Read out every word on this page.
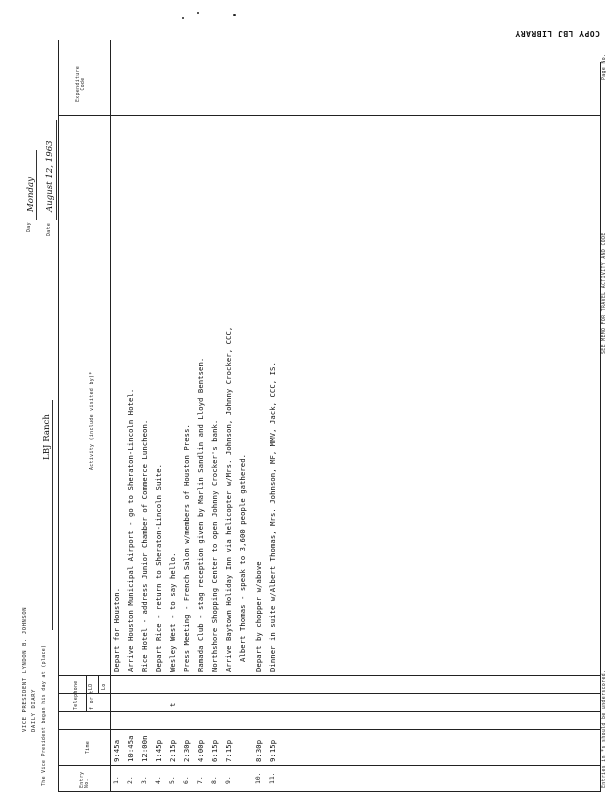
COPY LBJ LIBRARY
VICE PRESIDENT LYNDON B. JOHNSON DAILY DIARY The Vice President began his day at (place)
LBJ Ranch
Day
Monday
Date
August 12, 1963
Entry No.
Time
f or t
Telephone	Lo
LD
Activity (include visited by)*
Expenditure Code
1.
9:45a
Depart for Houston.
2.
10:45a
Arrive Houston Municipal Airport - go to Sheraton-Lincoln Hotel.
3.
12:00n
Rice Hotel - address Junior Chamber of Commerce Luncheon.
4.
1:45p
Depart Rice - return to Sheraton-Lincoln Suite.
5.
2:15p
t
Wesley West - to say hello.
6.
2:30p
Press Meeting - French Salon w/members of Houston Press.
7.
4:00p
Ramada Club - stag reception given by Marlin Sandlin and Lloyd Bentsen.
8.
6:15p
Northshore Shopping Center to open Johnny Crocker's bank.
9.
7:15p
Arrive Baytown Holiday Inn via helicopter w/Mrs. Johnson, Johnny Crocker, CCC, Albert Thomas - speak to 3,600 people gathered.
10.
8:30p
Depart by chopper w/above
11.
9:15p
Dinner in suite w/Albert Thomas, Mrs. Johnson, MF, MMV, Jack, CCC, IS.
Entries in *s should be underscored.
SEE MEMO FOR TRAVEL ACTIVITY AND CODE
Page No.
